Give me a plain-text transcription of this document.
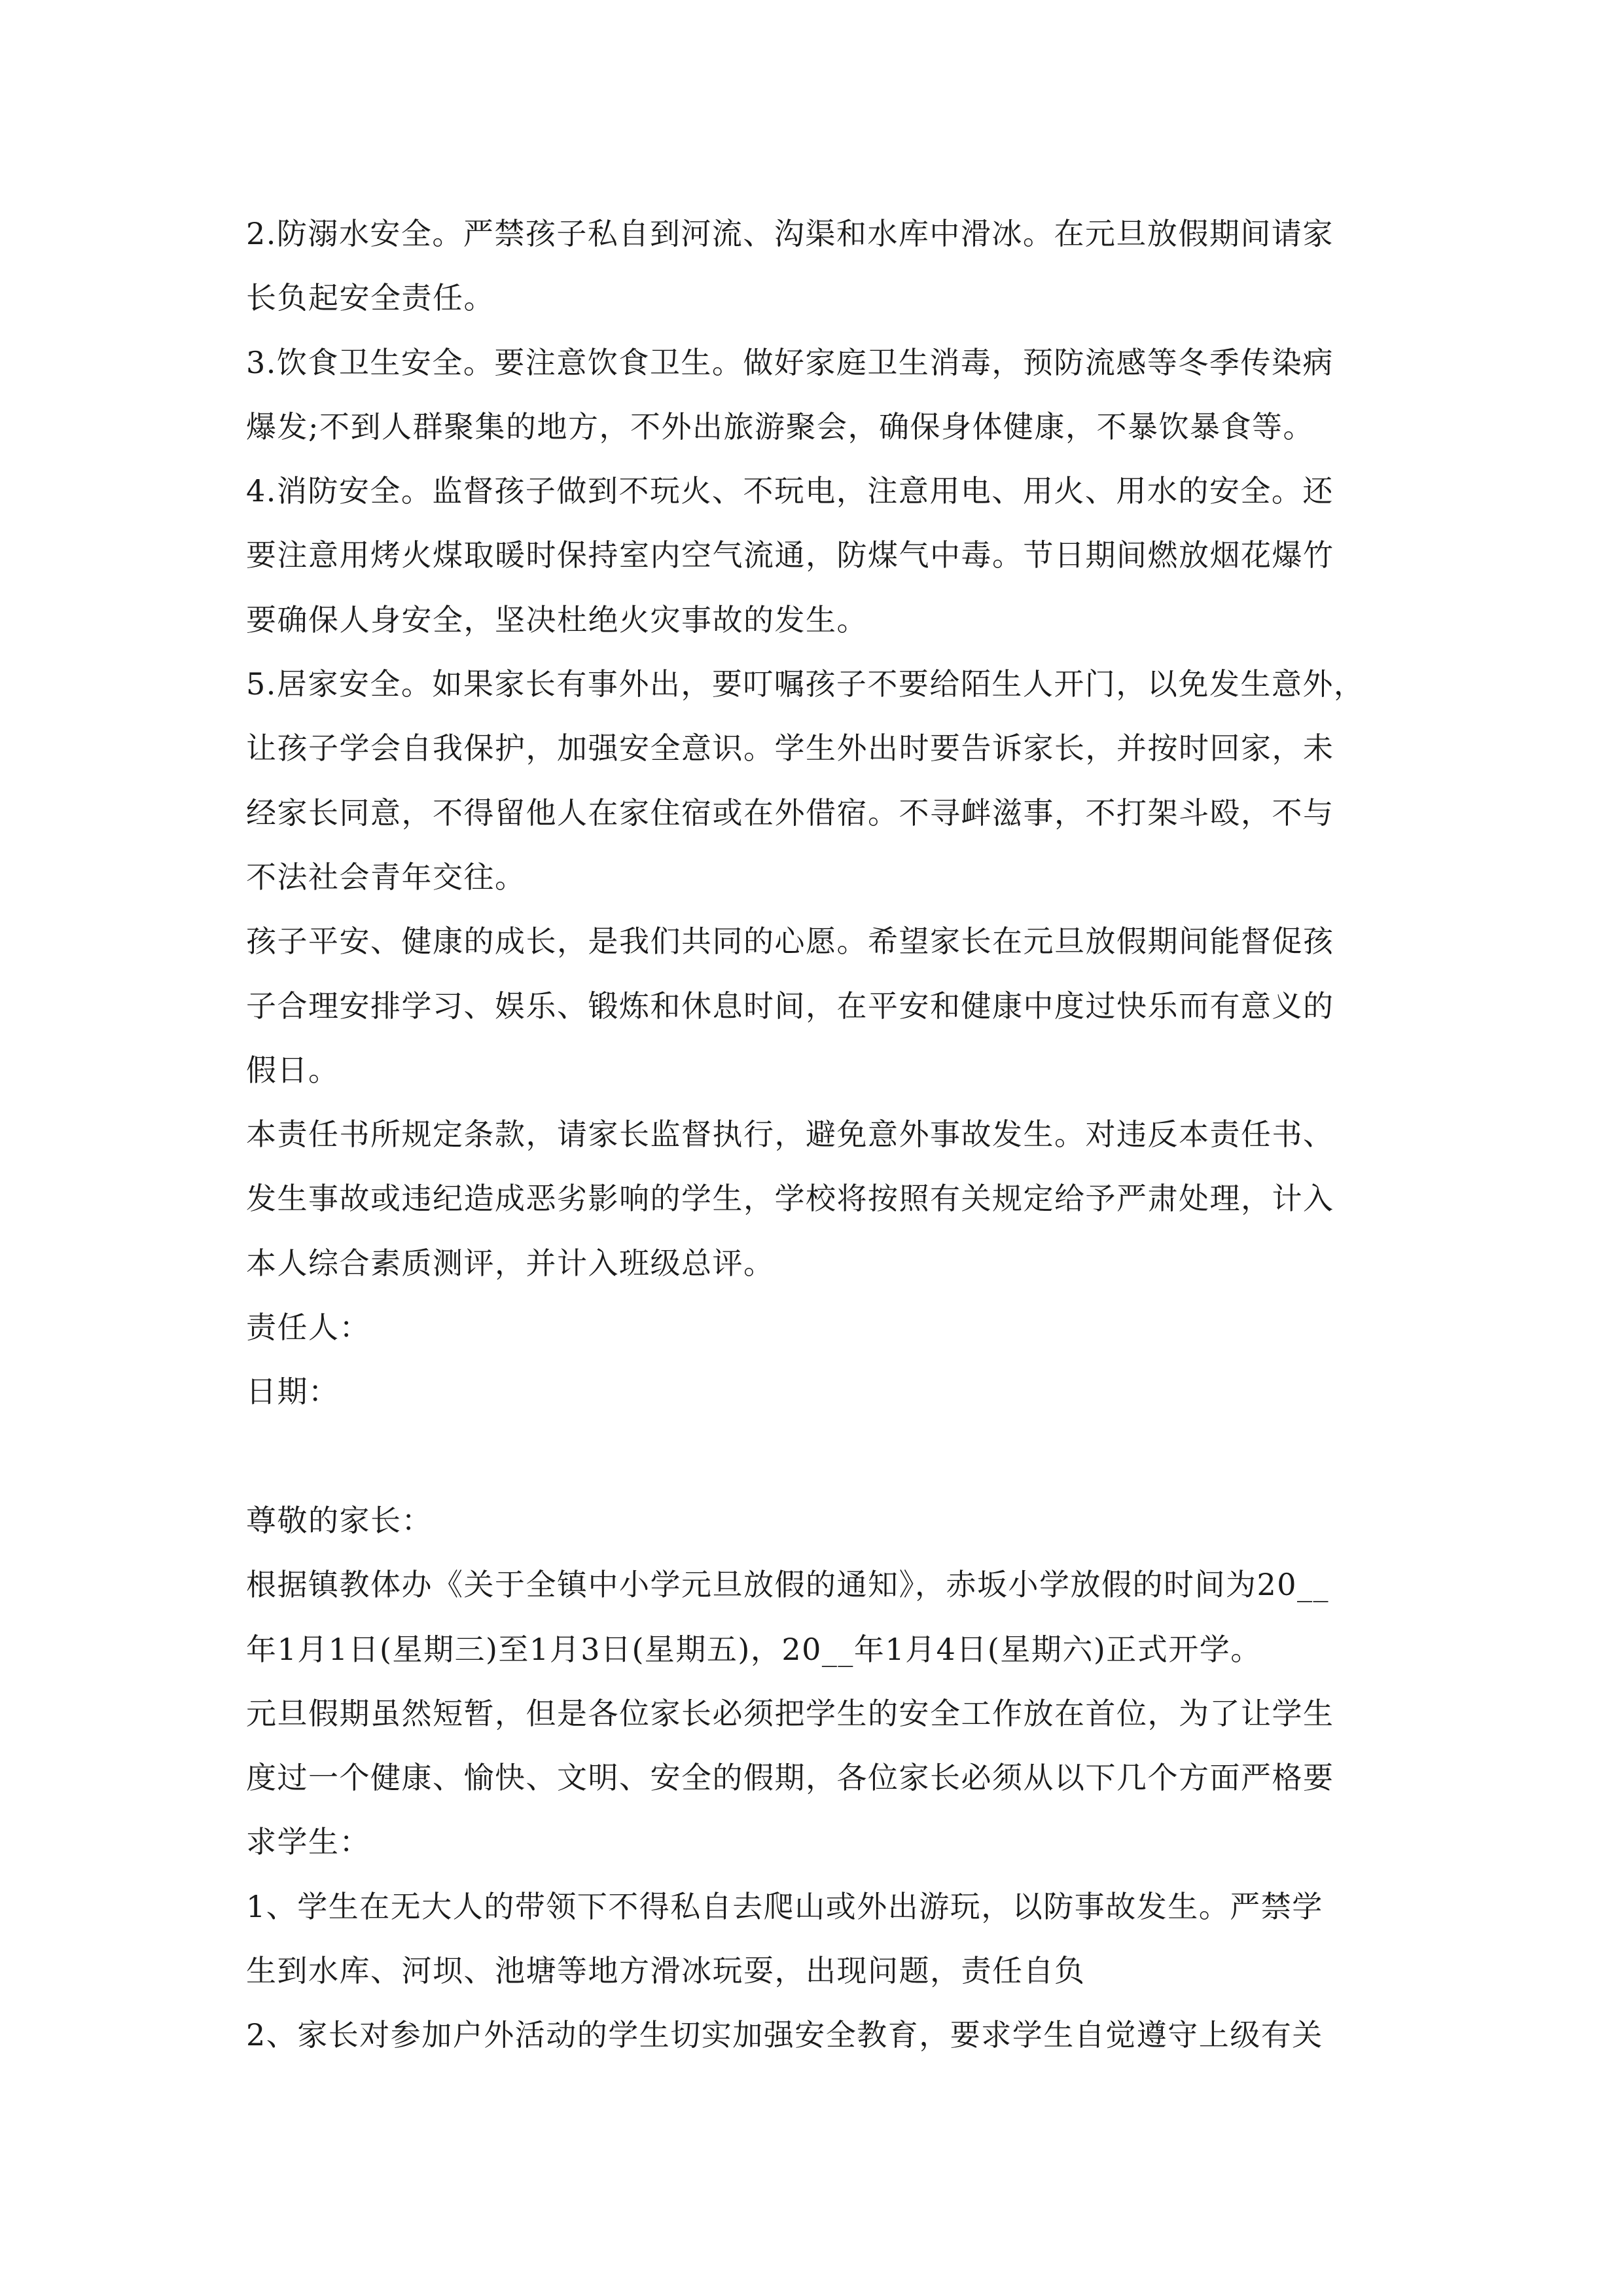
2.防溺水安全。严禁孩子私自到河流、沟渠和水库中滑冰。在元旦放假期间请家
长负起安全责任。
3.饮食卫生安全。要注意饮食卫生。做好家庭卫生消毒，预防流感等冬季传染病
爆发;不到人群聚集的地方，不外出旅游聚会，确保身体健康，不暴饮暴食等。
4.消防安全。监督孩子做到不玩火、不玩电，注意用电、用火、用水的安全。还
要注意用烤火煤取暖时保持室内空气流通，防煤气中毒。节日期间燃放烟花爆竹
要确保人身安全，坚决杜绝火灾事故的发生。
5.居家安全。如果家长有事外出，要叮嘱孩子不要给陌生人开门，以免发生意外，
让孩子学会自我保护，加强安全意识。学生外出时要告诉家长，并按时回家，未
经家长同意，不得留他人在家住宿或在外借宿。不寻衅滋事，不打架斗殴，不与
不法社会青年交往。
孩子平安、健康的成长，是我们共同的心愿。希望家长在元旦放假期间能督促孩
子合理安排学习、娱乐、锻炼和休息时间，在平安和健康中度过快乐而有意义的
假日。
本责任书所规定条款，请家长监督执行，避免意外事故发生。对违反本责任书、
发生事故或违纪造成恶劣影响的学生，学校将按照有关规定给予严肃处理，计入
本人综合素质测评，并计入班级总评。
责任人：
日期：
尊敬的家长：
根据镇教体办《关于全镇中小学元旦放假的通知》，赤坂小学放假的时间为20__
年1月1日(星期三)至1月3日(星期五)，20__年1月4日(星期六)正式开学。
元旦假期虽然短暂，但是各位家长必须把学生的安全工作放在首位，为了让学生
度过一个健康、愉快、文明、安全的假期，各位家长必须从以下几个方面严格要
求学生：
1、学生在无大人的带领下不得私自去爬山或外出游玩，以防事故发生。严禁学
生到水库、河坝、池塘等地方滑冰玩耍，出现问题，责任自负
2、家长对参加户外活动的学生切实加强安全教育，要求学生自觉遵守上级有关
